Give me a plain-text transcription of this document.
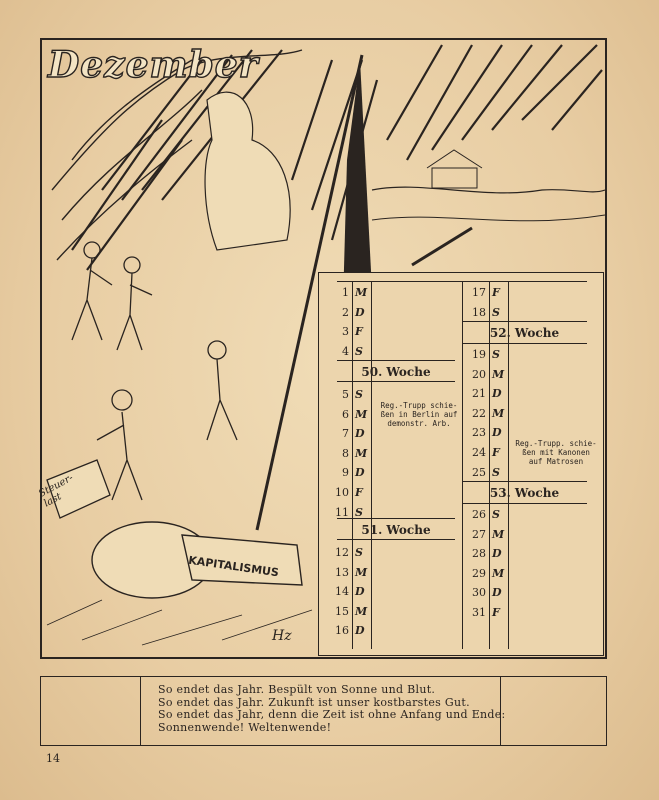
Dezember
Steuer-
last
KAPITALISMUS
Hz
1 M
2 D
3 F
4 S
50. Woche
5 S
6 M
7 D
8 M
9 D
10 F
11 S
51. Woche
12 S
13 M
14 D
15 M
16 D
Reg.-Trupp schie-
ßen in Berlin auf
demonstr. Arb.
17 F
18 S
52. Woche
19 S
20 M
21 D
22 M
23 D
24 F
25 S
53. Woche
26 S
27 M
28 D
29 M
30 D
31 F
Reg.-Trupp. schie-
ßen mit Kanonen
auf Matrosen
So endet das Jahr. Bespült von Sonne und Blut.
So endet das Jahr. Zukunft ist unser kostbarstes Gut.
So endet das Jahr, denn die Zeit ist ohne Anfang und Ende:
Sonnenwende! Weltenwende!
14
